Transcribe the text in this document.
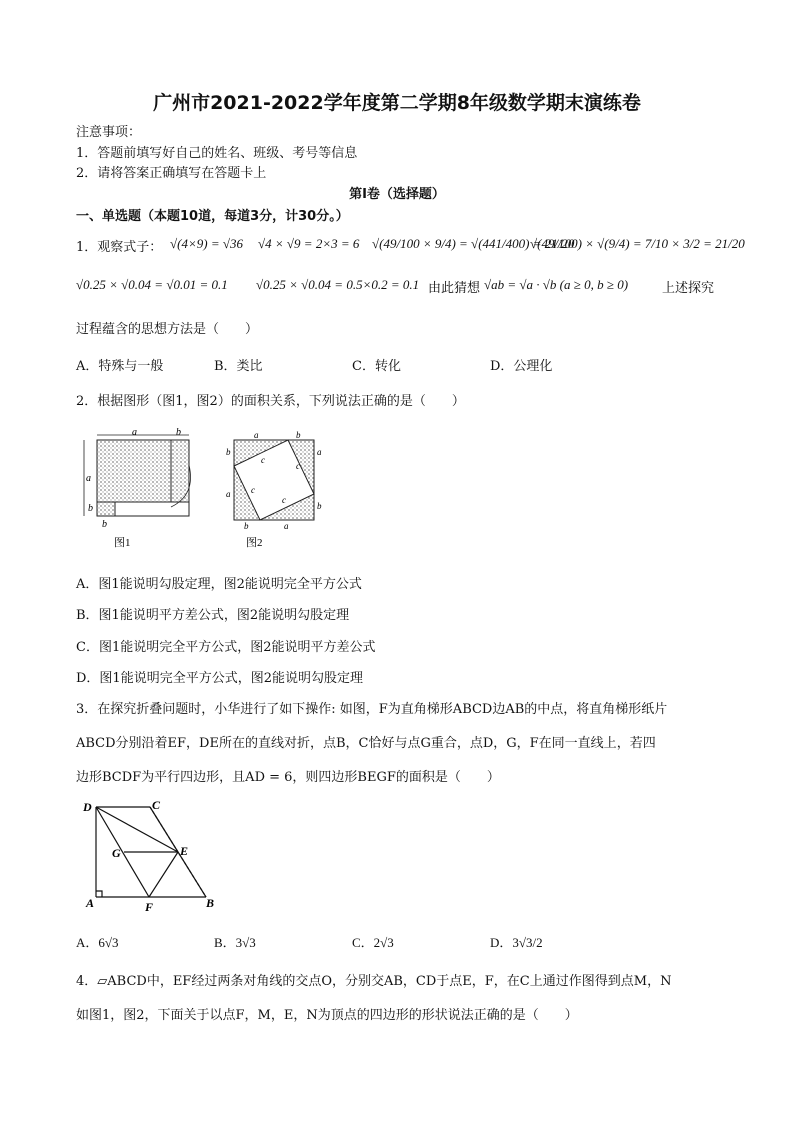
广州市2021-2022学年度第二学期8年级数学期末演练卷
注意事项：
1．答题前填写好自己的姓名、班级、考号等信息
2．请将答案正确填写在答题卡上
第I卷（选择题）
一、单选题（本题10道，每道3分，计30分。）
1．观察式子： √(4×9) = √36 √4 × √9 = 2×3 = 6 √(49/100 × 9/4) = √(441/400) = 21/20
√(49/100) × √(9/4) = 7/10 × 3/2 = 21/20
√0.25 × √0.04 = √0.01 = 0.1 √0.25 × √0.04 = 0.5×0.2 = 0.1 由此猜想 √ab = √a · √b (a ≥ 0, b ≥ 0)	上述探究
过程蕴含的思想方法是（　　）
A．特殊与一般	B．类比	C．转化	D．公理化
2．根据图形（图1，图2）的面积关系，下列说法正确的是（　　）
a	b
a
b
b
图1
a	b
b
a
a
b
b	a
c
c
c
c
图2
A．图1能说明勾股定理，图2能说明完全平方公式
B．图1能说明平方差公式，图2能说明勾股定理
C．图1能说明完全平方公式，图2能说明平方差公式
D．图1能说明完全平方公式，图2能说明勾股定理
3．在探究折叠问题时，小华进行了如下操作: 如图，F为直角梯形ABCD边AB的中点，将直角梯形纸片
ABCD分别沿着EF，DE所在的直线对折，点B，C恰好与点G重合，点D，G，F在同一直线上，若四
边形BCDF为平行四边形，且AD = 6，则四边形BEGF的面积是（　　）
D	C
G	E
A	F	B
A．6√3	B．3√3	C．2√3	D．3√3/2
4．▱ABCD中，EF经过两条对角线的交点O，分别交AB，CD于点E，F，在C上通过作图得到点M，N
如图1，图2，下面关于以点F，M，E，N为顶点的四边形的形状说法正确的是（　　）
